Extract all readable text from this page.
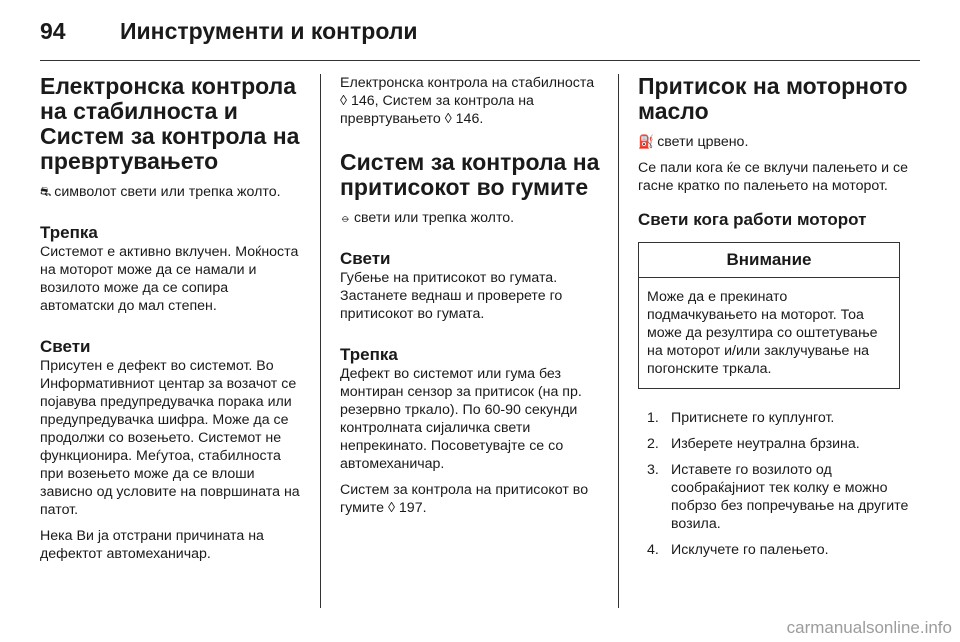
94 Иинструменти и контроли
Електронска контрола на стабилноста и Систем за контрола на превртувањето

⛐ символот свети или трепка жолто.

Трепка

Системот е активно вклучен. Моќноста на моторот може да се намали и возилото може да се сопира автоматски до мал степен.

Свети

Присутен е дефект во системот. Во Информативниот центар за возачот се појавува предупредувачка порака или предупредувачка шифра. Може да се продолжи со возењето. Системот не функционира. Меѓутоа, стабилноста при возењето може да се влоши зависно од условите на површината на патот.

Нека Ви ја отстрани причината на дефектот автомеханичар.

Електронска контрола на стабилноста ◊ 146, Систем за контрола на превртувањето ◊ 146.

Систем за контрола на притисокот во гумите

⦵ свети или трепка жолто.

Свети

Губење на притисокот во гумата. Застанете веднаш и проверете го притисокот во гумата.

Трепка

Дефект во системот или гума без монтиран сензор за притисок (на пр. резервно тркало). По 60-90 секунди контролната сијаличка свети непрекинато. Посоветувајте се со автомеханичар.

Систем за контрола на притисокот во гумите ◊ 197.

Притисок на моторното масло

⛽ свети црвено.

Се пали кога ќе се вклучи палењето и се гасне кратко по палењето на моторот.

Свети кога работи моторот
Внимание

Може да е прекинато подмачкувањето на моторот. Тоа може да резултира со оштетување на моторот и/или заклучување на погонските тркала.

1. Притиснете го куплунгот.
2. Изберете неутрална брзина.
3. Иставете го возилото од сообраќајниот тек колку е можно побрзо без попречување на другите возила.
4. Исклучете го палењето.
carmanualsonline.info
